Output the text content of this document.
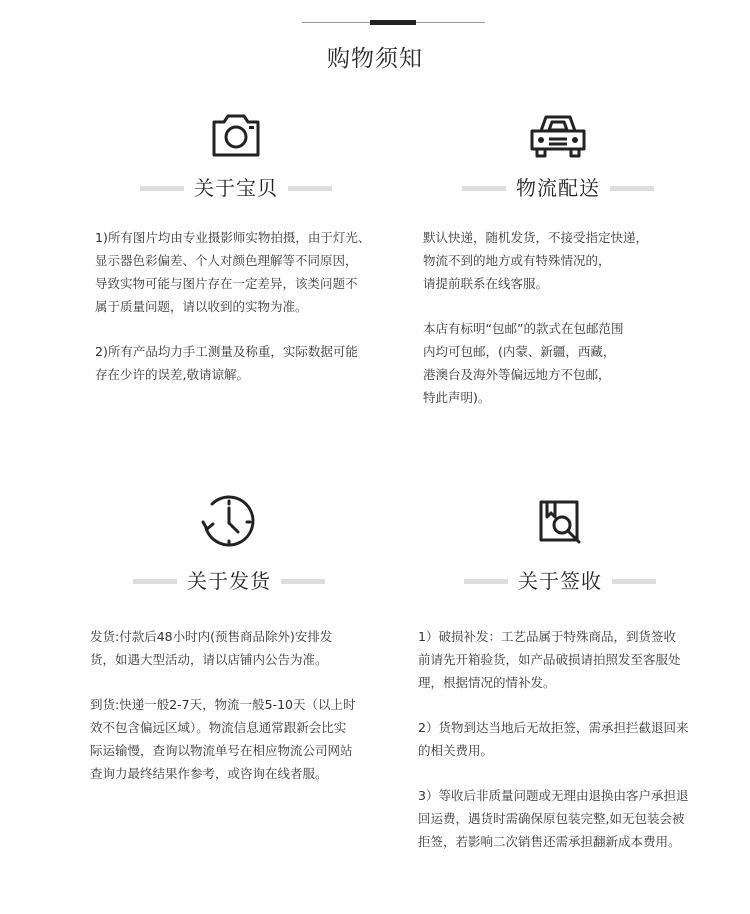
购物须知
关于宝贝

1)所有图片均由专业摄影师实物拍摄，由于灯光、

显示器色彩偏差、个人对颜色理解等不同原因，

导致实物可能与图片存在一定差异，该类问题不

属于质量问题，请以收到的实物为准。

2)所有产品均力手工测量及称重，实际数据可能

存在少许的误差,敬请谅解。

物流配送

默认快递，随机发货，不接受指定快递，

物流不到的地方或有特殊情况的，

请提前联系在线客服。

本店有标明“包邮”的款式在包邮范围

内均可包邮，(内蒙、新疆，西藏，

港澳台及海外等偏远地方不包邮，

特此声明)。

关于发货

发货:付款后48小时内(预售商品除外)安排发

货，如遇大型活动，请以店铺内公告为准。

到货:快递一般2-7天，物流一般5-10天（以上时

效不包含偏远区域）。物流信息通常跟新会比实

际运输慢，查询以物流单号在相应物流公司网站

查询力最终结果作参考，或咨询在线者服。

关于签收

1）破损补发：工艺品属于特殊商品，到货签收

前请先开箱验货，如产品破损请拍照发至客服处

理，根据情况的情补发。

2）货物到达当地后无故拒签，需承担拦截退回来

的相关费用。

3）等收后非质量问题或无理由退换由客户承担退

回运费，遇货时需确保原包装完整,如无包装会被

拒签，若影响二次销售还需承担翻新成本费用。
